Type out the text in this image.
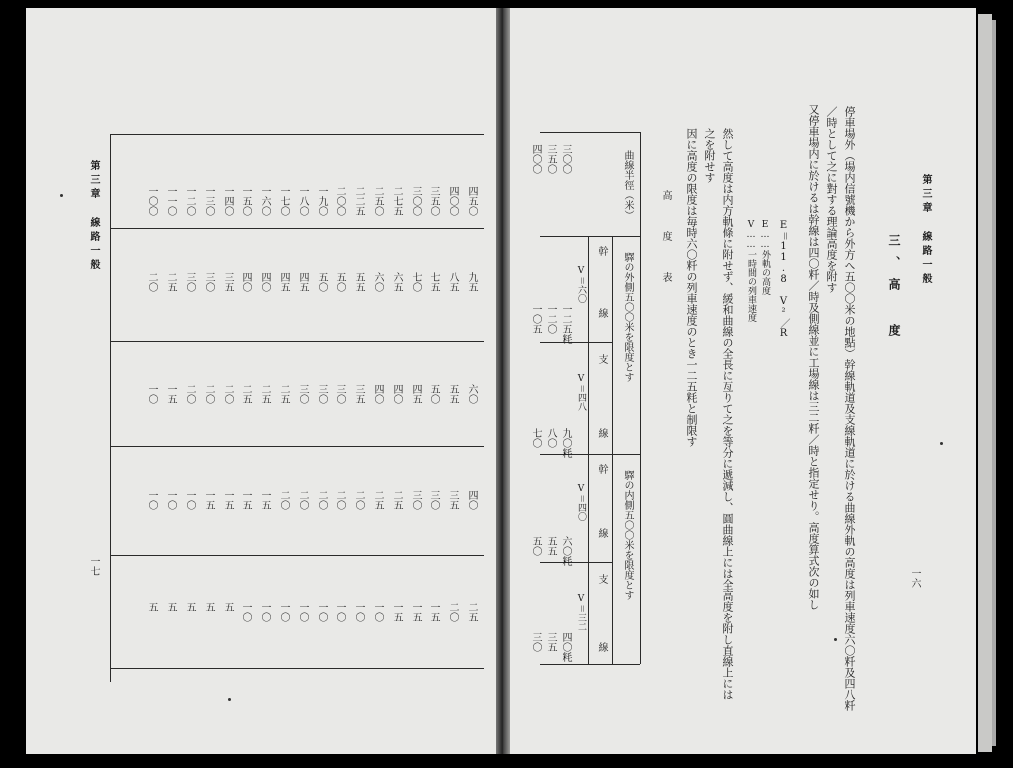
第三章 線路一般
一七
四五〇
九五
六〇
四〇
二五
四〇〇
八五
五五
三五
二〇
三五〇
七五
五〇
三〇
一五
三〇〇
七〇
四五
三〇
一五
二七五
六五
四〇
二五
一五
二五〇
六〇
四〇
二五
一〇
二二五
五五
三五
二〇
一〇
二〇〇
五〇
三〇
二〇
一〇
一九〇
五〇
三〇
二〇
一〇
一八〇
四五
三〇
二〇
一〇
一七〇
四五
二五
二〇
一〇
一六〇
四〇
二五
一五
一〇
一五〇
四〇
二五
一五
一〇
一四〇
三五
二〇
一五
五
一三〇
三〇
二〇
一五
五
一二〇
三〇
二〇
一〇
五
一一〇
二五
一五
一〇
五
一〇〇
二〇
一〇
一〇
五
第三章 線路一般
一六
三、高 度
停車場外（場内信號機から外方へ五〇〇米の地點）幹線軌道及支線軌道に於ける曲線外軌の高度は列車速度六〇粁及四八粁
／時として之に對する理論高度を附す
又停車場内に於けるは幹線は四〇粁／時及側線並に工場線は三二粁／時と指定せり。高度算式次の如し
E＝11.8 V²／R
E……外軌の高度
V……一時間の列車速度
然して高度は内方軌條に附せず、緩和曲線の全長に亙りて之を等分に遞減し、圓曲線上には全高度を附し直線上には
之を附せす
因に高度の限度は毎時六〇粁の列車速度のとき一二五粍と制限す
高 度 表
曲線半徑（米）
驛の外側五〇〇米を限度とす
驛の内側五〇〇米を限度とす
幹
線
支
線
幹
線
支
線
V＝六〇
V＝四八
V＝四〇
V＝三二
三〇〇
一二五粍
九〇粍
六〇粍
四〇粍
三五〇
一二〇
八〇
五五
三五
四〇〇
一〇五
七〇
五〇
三〇
